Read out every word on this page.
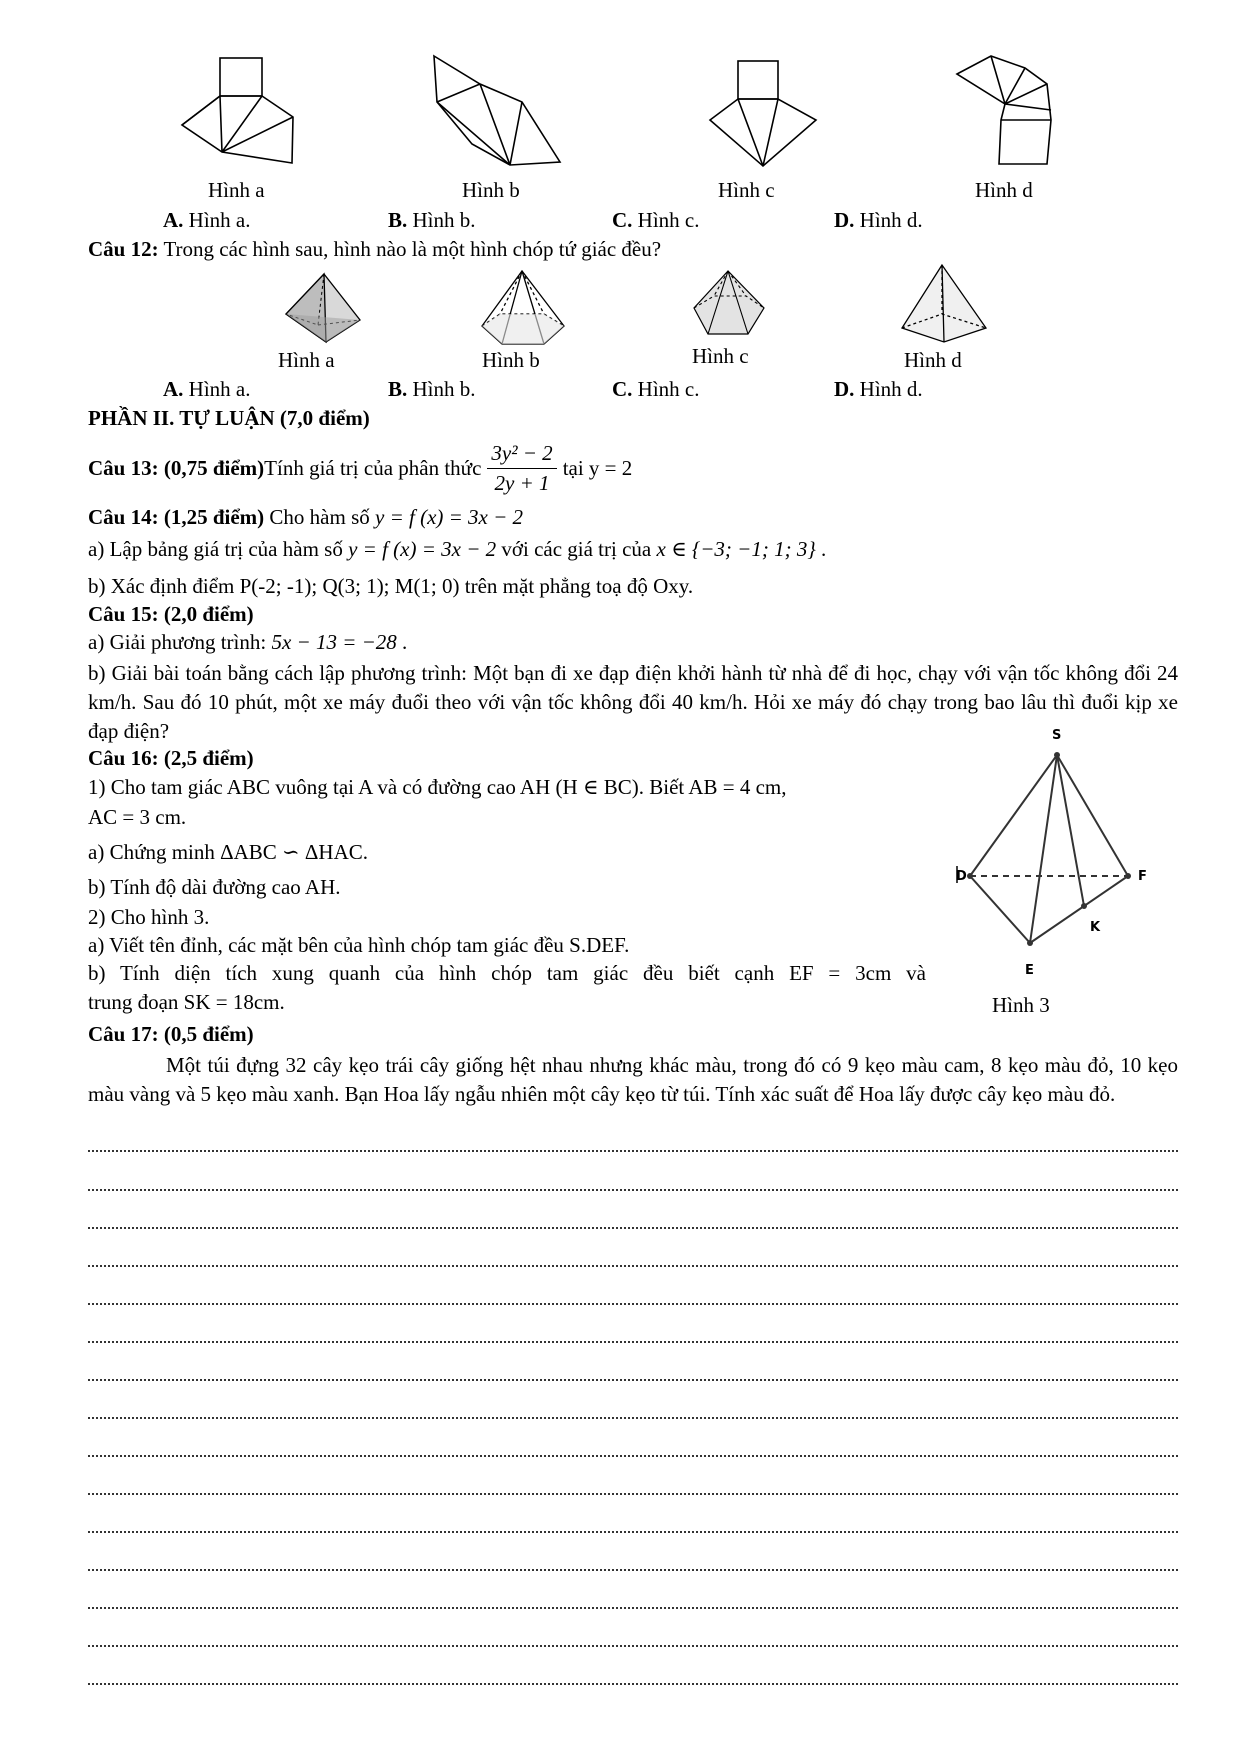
Hình a	Hình b	Hình c	Hình d
A. Hình a.	B. Hình b.	C. Hình c.	D. Hình d.
Câu 12: Trong các hình sau, hình nào là một hình chóp tứ giác đều?
Hình a	Hình b	Hình c	Hình d
A. Hình a.	B. Hình b.	C. Hình c.	D. Hình d.
PHẦN II. TỰ LUẬN (7,0 điểm)
Câu 13: (0,75 điểm) Tính giá trị của phân thức $\frac{\text{3y² − 2}}{2y + 1}$ tại y = 2
Câu 14: (1,25 điểm) Cho hàm số y = f (x) = 3x − 2
a) Lập bảng giá trị của hàm số y = f (x) = 3x − 2 với các giá trị của x ∈ {−3; −1; 1; 3} .
b) Xác định điểm P(-2; -1); Q(3; 1); M(1; 0) trên mặt phẳng toạ độ Oxy.
Câu 15: (2,0 điểm)
a) Giải phương trình: 5x − 13 = −28 .
b) Giải bài toán bằng cách lập phương trình: Một bạn đi xe đạp điện khởi hành từ nhà để đi học, chạy với vận tốc không đổi 24 km/h. Sau đó 10 phút, một xe máy đuổi theo với vận tốc không đổi 40 km/h. Hỏi xe máy đó chạy trong bao lâu thì đuổi kịp xe đạp điện?
Câu 16: (2,5 điểm)
1) Cho tam giác ABC vuông tại A và có đường cao AH (H ∈ BC). Biết AB = 4 cm,
AC = 3 cm.
a) Chứng minh ΔABC ∽ ΔHAC.
b) Tính độ dài đường cao AH.
2) Cho hình 3.
a) Viết tên đỉnh, các mặt bên của hình chóp tam giác đều S.DEF.
b) Tính diện tích xung quanh của hình chóp tam giác đều biết cạnh EF = 3cm và
trung đoạn SK = 18cm.
S
D	F
K
E
Hình 3
Câu 17: (0,5 điểm)
Một túi đựng 32 cây kẹo trái cây giống hệt nhau nhưng khác màu, trong đó có 9 kẹo màu cam, 8 kẹo màu đỏ, 10 kẹo màu vàng và 5 kẹo màu xanh. Bạn Hoa lấy ngẫu nhiên một cây kẹo từ túi. Tính xác suất để Hoa lấy được cây kẹo màu đỏ.
